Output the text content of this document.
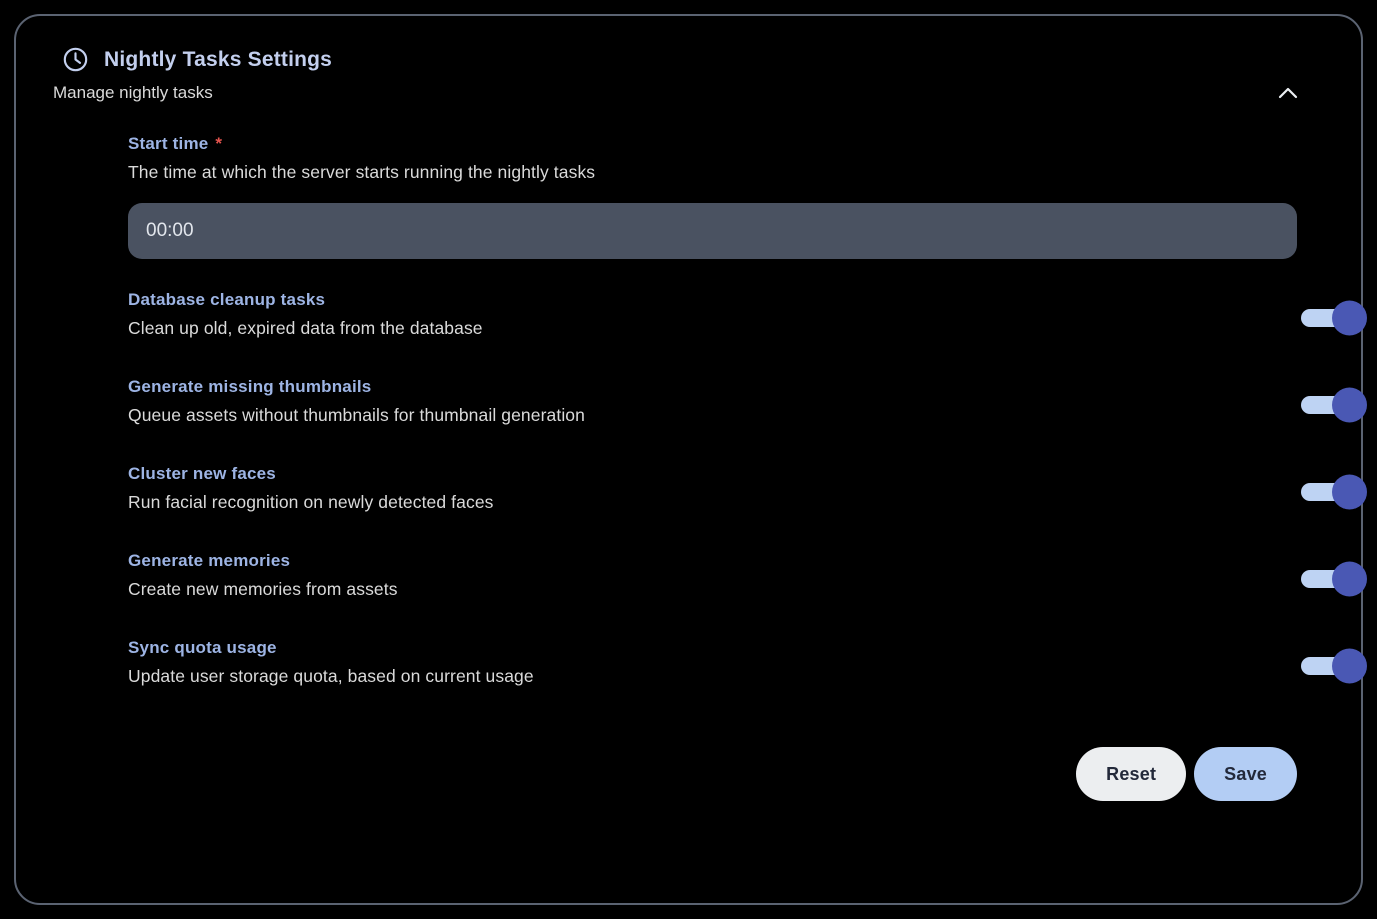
Nightly Tasks Settings
Manage nightly tasks
Start time *
The time at which the server starts running the nightly tasks
00:00
Database cleanup tasks
Clean up old, expired data from the database
Generate missing thumbnails
Queue assets without thumbnails for thumbnail generation
Cluster new faces
Run facial recognition on newly detected faces
Generate memories
Create new memories from assets
Sync quota usage
Update user storage quota, based on current usage
Reset	Save
